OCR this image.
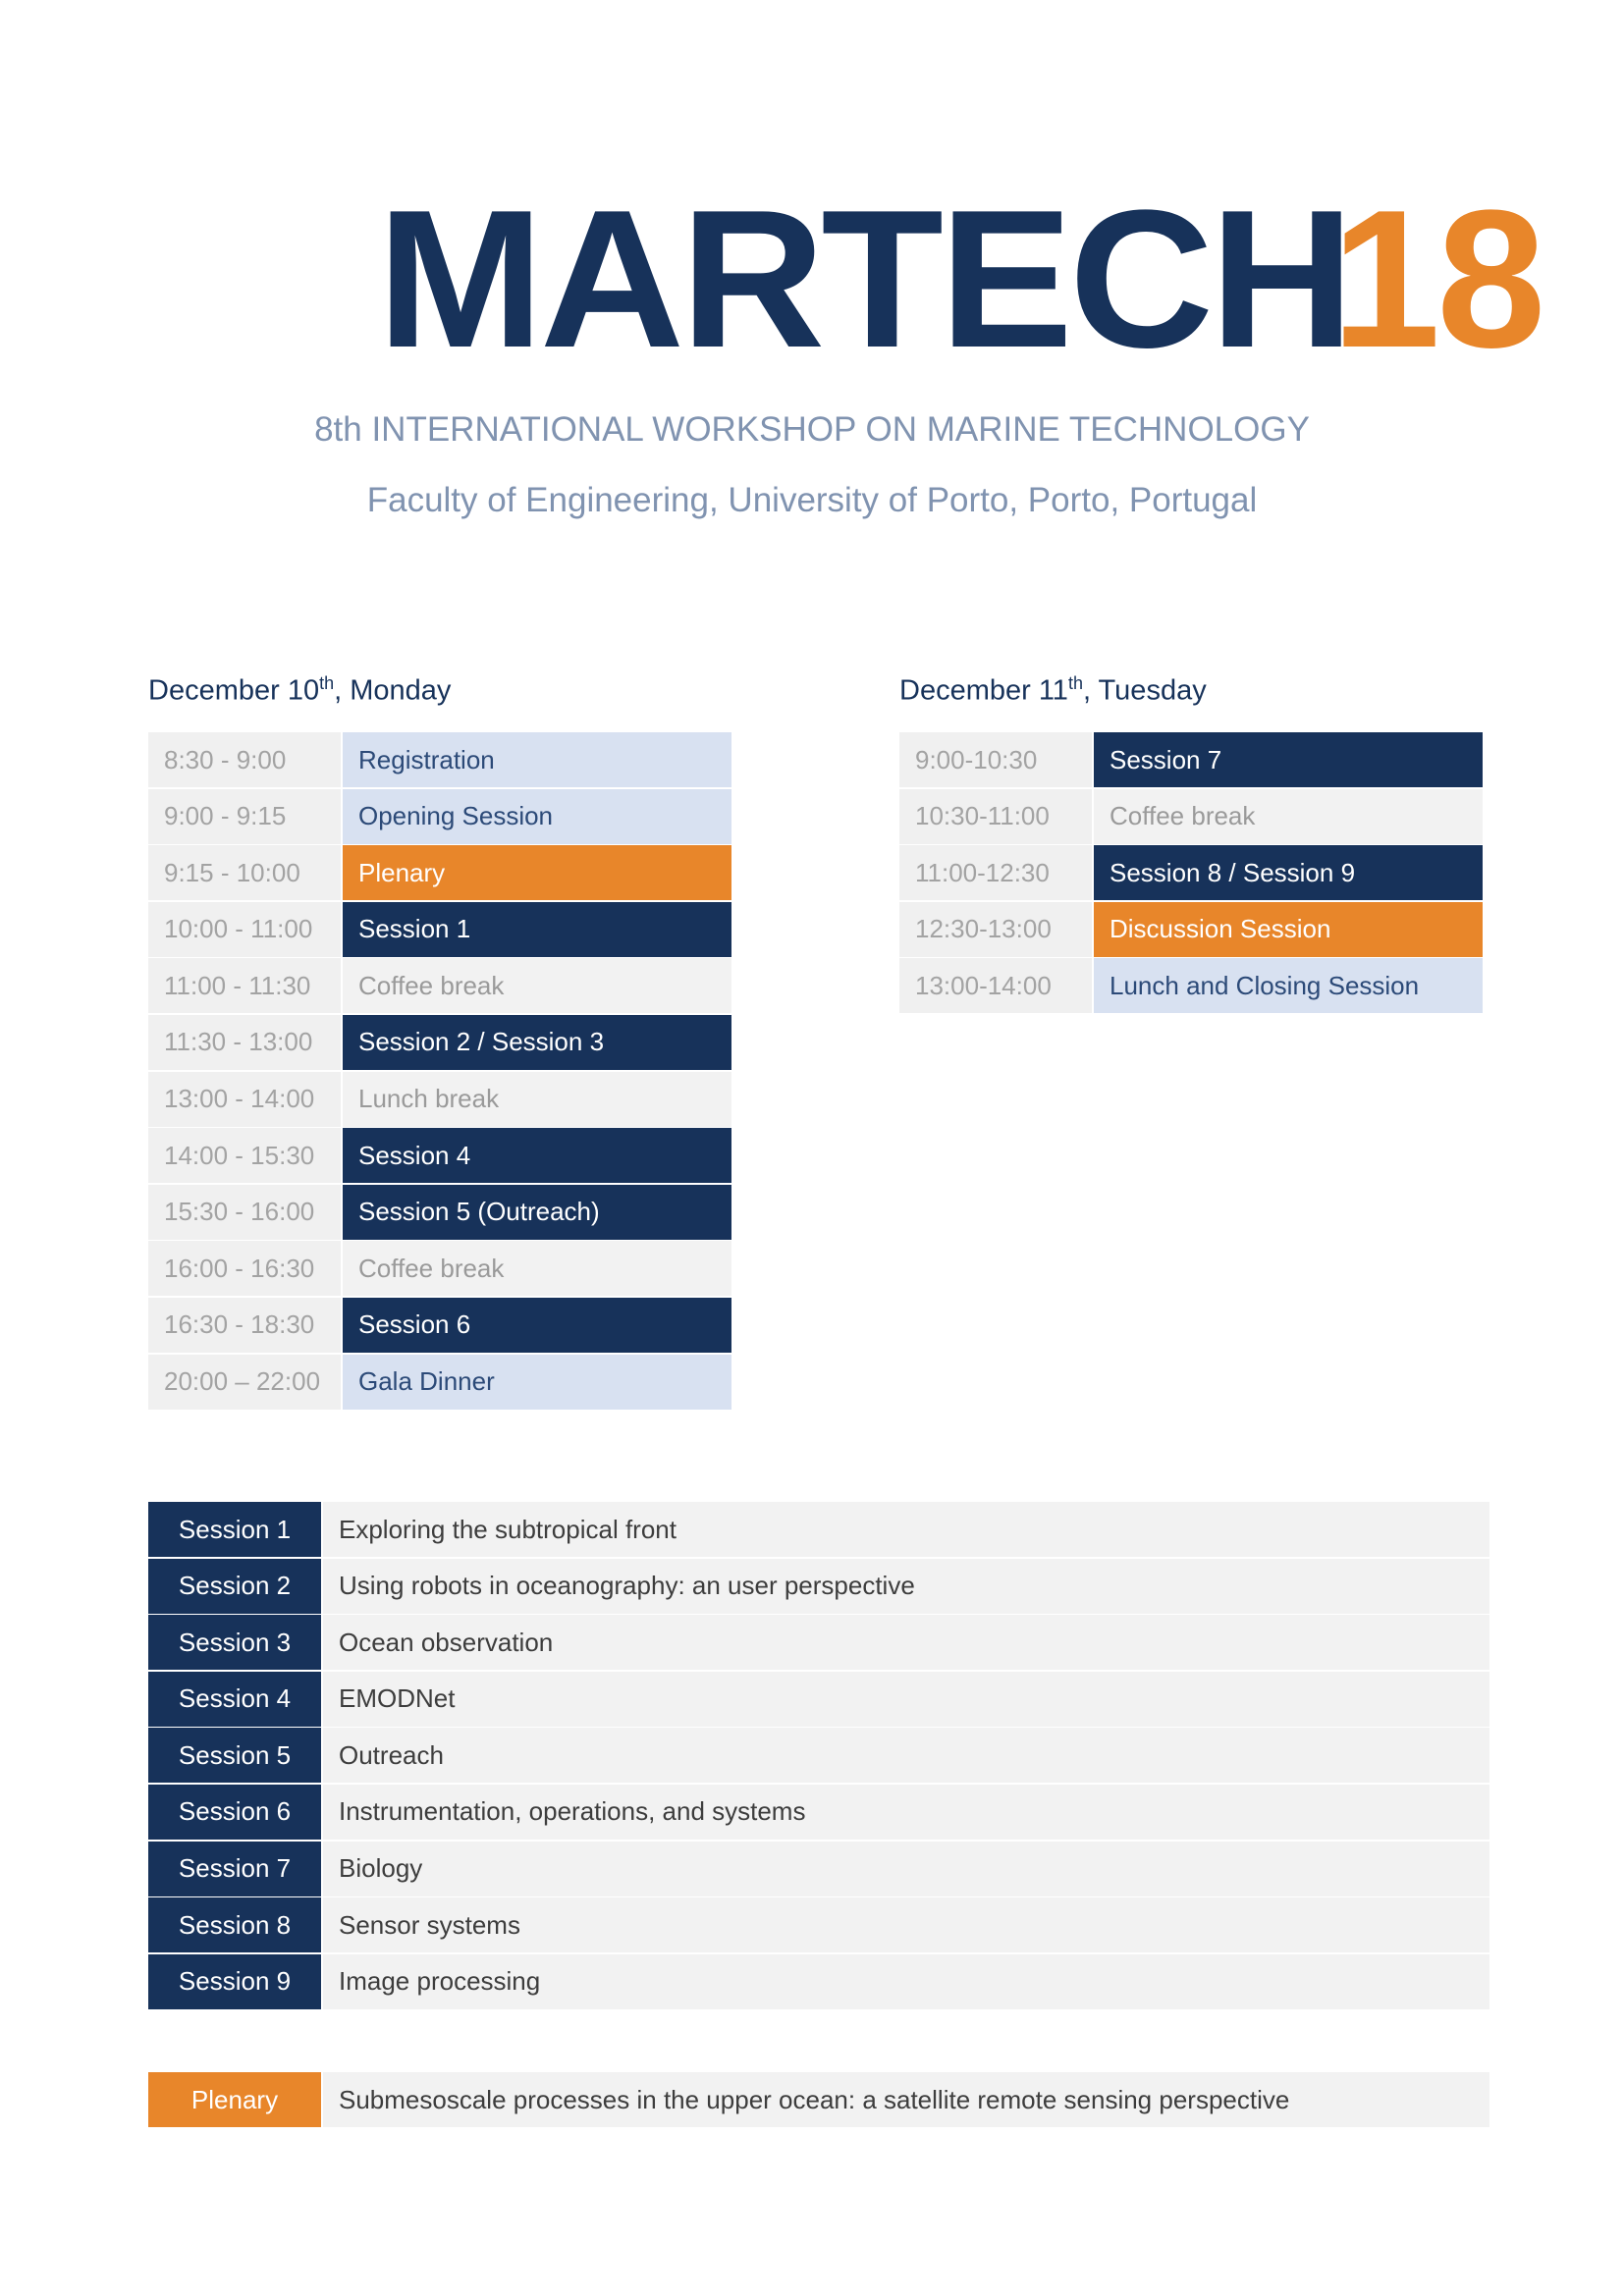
MARTECH18
8th INTERNATIONAL WORKSHOP ON MARINE TECHNOLOGY
Faculty of Engineering, University of Porto, Porto, Portugal
December 10th, Monday	December 11th, Tuesday
8:30 - 9:00	Registration
9:00 - 9:15	Opening Session
9:15 - 10:00	Plenary
10:00 - 11:00	Session 1
11:00 - 11:30	Coffee break
11:30 - 13:00	Session 2 / Session 3
13:00 - 14:00	Lunch break
14:00 - 15:30	Session 4
15:30 - 16:00	Session 5 (Outreach)
16:00 - 16:30	Coffee break
16:30 - 18:30	Session 6
20:00 – 22:00	Gala Dinner
9:00-10:30	Session 7
10:30-11:00	Coffee break
11:00-12:30	Session 8 / Session 9
12:30-13:00	Discussion Session
13:00-14:00	Lunch and Closing Session
Session 1	Exploring the subtropical front
Session 2	Using robots in oceanography: an user perspective
Session 3	Ocean observation
Session 4	EMODNet
Session 5	Outreach
Session 6	Instrumentation, operations, and systems
Session 7	Biology
Session 8	Sensor systems
Session 9	Image processing
Plenary	Submesoscale processes in the upper ocean: a satellite remote sensing perspective
